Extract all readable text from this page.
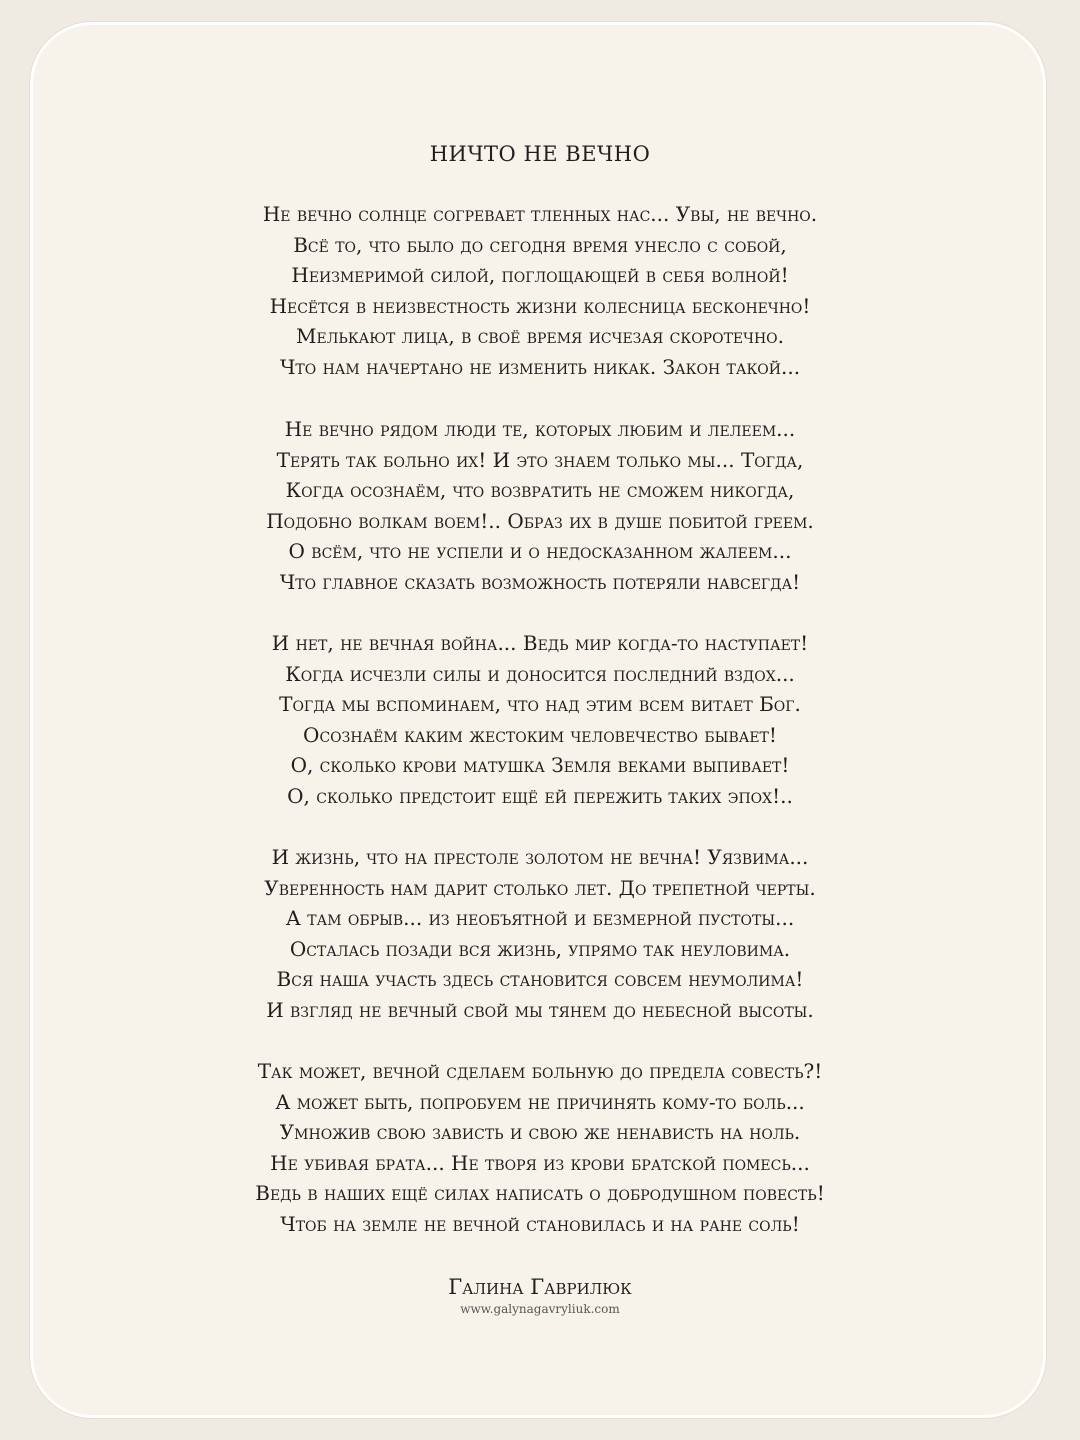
НИЧТО НЕ ВЕЧНО
Не вечно солнце согревает тленных нас... Увы, не вечно.
Всё то, что было до сегодня время унесло с собой,
Неизмеримой силой, поглощающей в себя волной!
Несётся в неизвестность жизни колесница бесконечно!
Мелькают лица, в своё время исчезая скоротечно.
Что нам начертано не изменить никак. Закон такой...
Не вечно рядом люди те, которых любим и лелеем...
Терять так больно их! И это знаем только мы... Тогда,
Когда осознаём, что возвратить не сможем никогда,
Подобно волкам воем!.. Образ их в душе побитой греем.
О всём, что не успели и о недосказанном жалеем...
Что главное сказать возможность потеряли навсегда!
И нет, не вечная война... Ведь мир когда-то наступает!
Когда исчезли силы и доносится последний вздох...
Тогда мы вспоминаем, что над этим всем витает Бог.
Осознаём каким жестоким человечество бывает!
О, сколько крови матушка Земля веками выпивает!
О, сколько предстоит ещё ей пережить таких эпох!..
И жизнь, что на престоле золотом не вечна! Уязвима...
Уверенность нам дарит столько лет. До трепетной черты.
А там обрыв... из необъятной и безмерной пустоты...
Осталась позади вся жизнь, упрямо так неуловима.
Вся наша участь здесь становится совсем неумолима!
И взгляд не вечный свой мы тянем до небесной высоты.
Так может, вечной сделаем больную до предела совесть?!
А может быть, попробуем не причинять кому-то боль...
Умножив свою зависть и свою же ненависть на ноль.
Не убивая брата... Не творя из крови братской помесь...
Ведь в наших ещё силах написать о добродушном повесть!
Чтоб на земле не вечной становилась и на ране соль!
Галина Гаврилюк
www.galynagavryliuk.com
